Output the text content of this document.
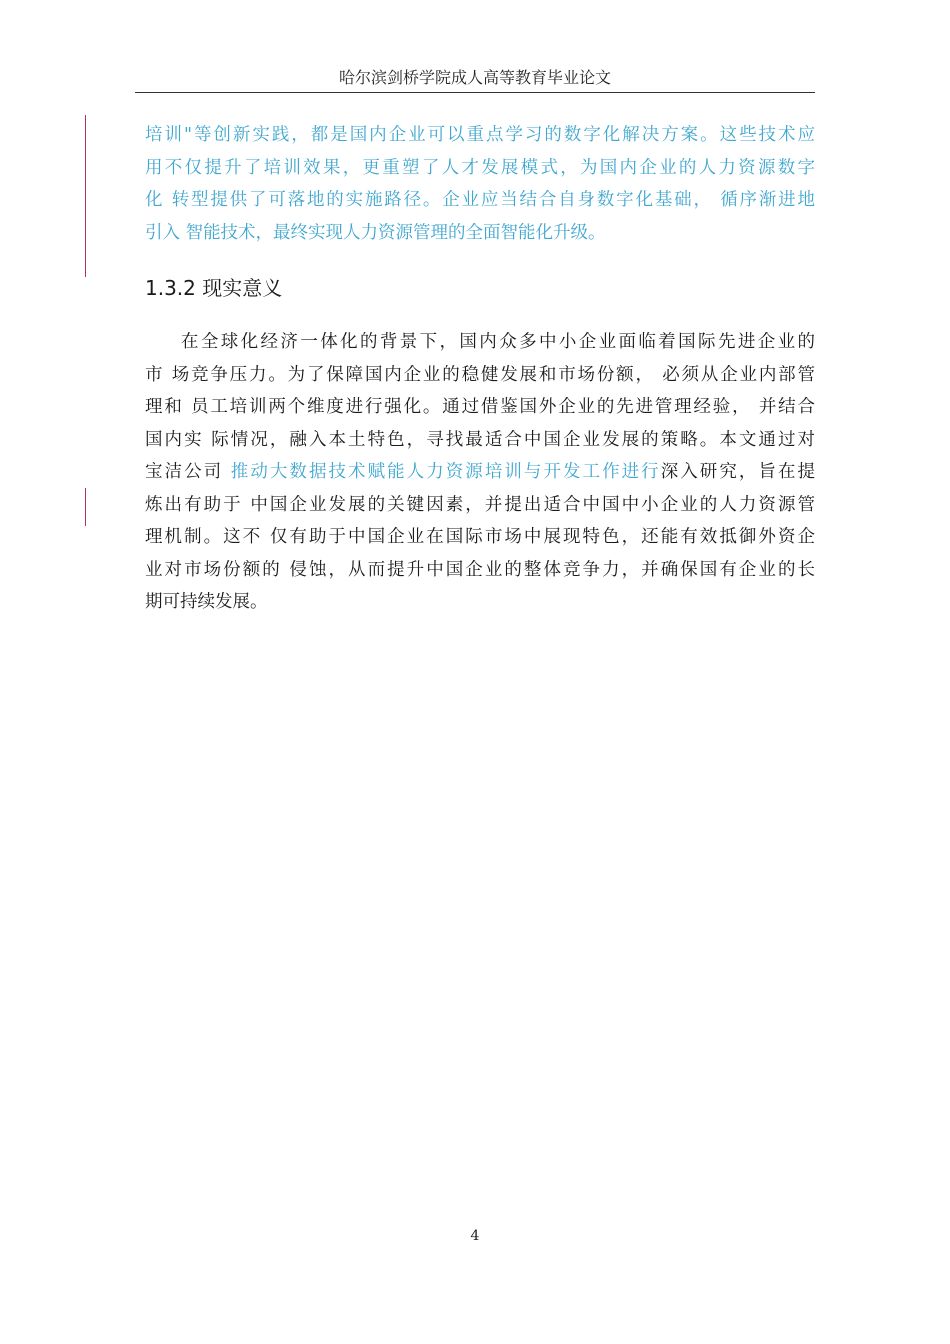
哈尔滨剑桥学院成人高等教育毕业论文

培训"等创新实践，都是国内企业可以重点学习的数字化解决方案。这些技术应
用不仅提升了培训效果，更重塑了人才发展模式，为国内企业的人力资源数字
化 转型提供了可落地的实施路径。企业应当结合自身数字化基础， 循序渐进地
引入 智能技术，最终实现人力资源管理的全面智能化升级。

1.3.2 现实意义

在全球化经济一体化的背景下，国内众多中小企业面临着国际先进企业的
市 场竞争压力。为了保障国内企业的稳健发展和市场份额， 必须从企业内部管
理和 员工培训两个维度进行强化。通过借鉴国外企业的先进管理经验， 并结合
国内实 际情况，融入本土特色，寻找最适合中国企业发展的策略。本文通过对
宝洁公司 推动大数据技术赋能人力资源培训与开发工作进行深入研究，旨在提
炼出有助于 中国企业发展的关键因素，并提出适合中国中小企业的人力资源管
理机制。这不 仅有助于中国企业在国际市场中展现特色，还能有效抵御外资企
业对市场份额的 侵蚀，从而提升中国企业的整体竞争力，并确保国有企业的长
期可持续发展。

4
